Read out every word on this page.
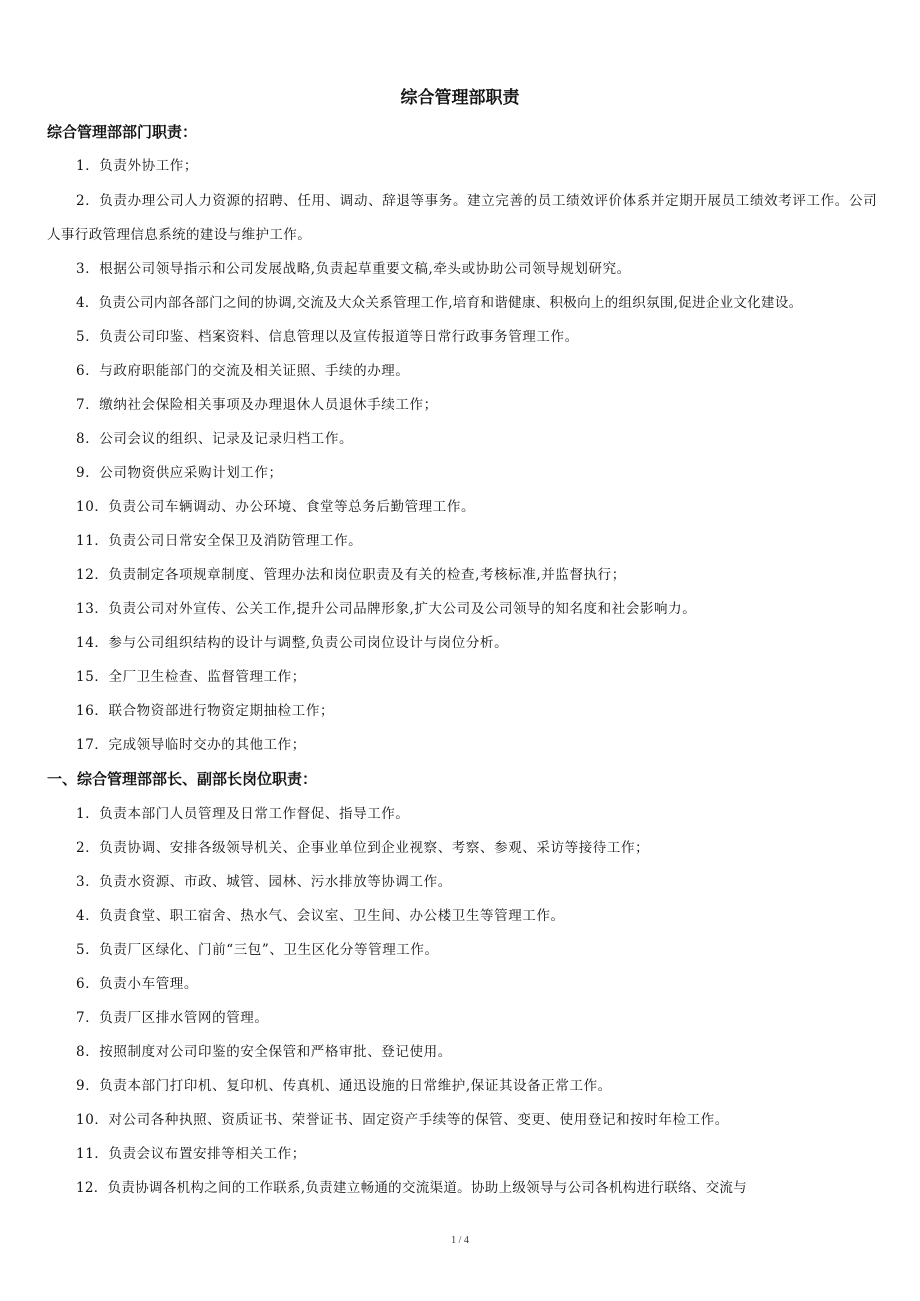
综合管理部职责

综合管理部部门职责：

1．负责外协工作；

2．负责办理公司人力资源的招聘、任用、调动、辞退等事务。建立完善的员工绩效评价体系并定期开展员工绩效考评工作。公司人事行政管理信息系统的建设与维护工作。

3．根据公司领导指示和公司发展战略,负责起草重要文稿,牵头或协助公司领导规划研究。

4．负责公司内部各部门之间的协调,交流及大众关系管理工作,培育和谐健康、积极向上的组织氛围,促进企业文化建设。

5．负责公司印鉴、档案资料、信息管理以及宣传报道等日常行政事务管理工作。

6．与政府职能部门的交流及相关证照、手续的办理。

7．缴纳社会保险相关事项及办理退休人员退休手续工作；

8．公司会议的组织、记录及记录归档工作。

9．公司物资供应采购计划工作；

10．负责公司车辆调动、办公环境、食堂等总务后勤管理工作。

11．负责公司日常安全保卫及消防管理工作。

12．负责制定各项规章制度、管理办法和岗位职责及有关的检查,考核标准,并监督执行；

13．负责公司对外宣传、公关工作,提升公司品牌形象,扩大公司及公司领导的知名度和社会影响力。

14．参与公司组织结构的设计与调整,负责公司岗位设计与岗位分析。

15．全厂卫生检查、监督管理工作；

16．联合物资部进行物资定期抽检工作；

17．完成领导临时交办的其他工作；

一、综合管理部部长、副部长岗位职责：

1．负责本部门人员管理及日常工作督促、指导工作。

2．负责协调、安排各级领导机关、企事业单位到企业视察、考察、参观、采访等接待工作；

3．负责水资源、市政、城管、园林、污水排放等协调工作。

4．负责食堂、职工宿舍、热水气、会议室、卫生间、办公楼卫生等管理工作。

5．负责厂区绿化、门前“三包”、卫生区化分等管理工作。

6．负责小车管理。

7．负责厂区排水管网的管理。

8．按照制度对公司印鉴的安全保管和严格审批、登记使用。

9．负责本部门打印机、复印机、传真机、通迅设施的日常维护,保证其设备正常工作。

10．对公司各种执照、资质证书、荣誉证书、固定资产手续等的保管、变更、使用登记和按时年检工作。

11．负责会议布置安排等相关工作；

12．负责协调各机构之间的工作联系,负责建立畅通的交流渠道。协助上级领导与公司各机构进行联络、交流与

1 / 4
